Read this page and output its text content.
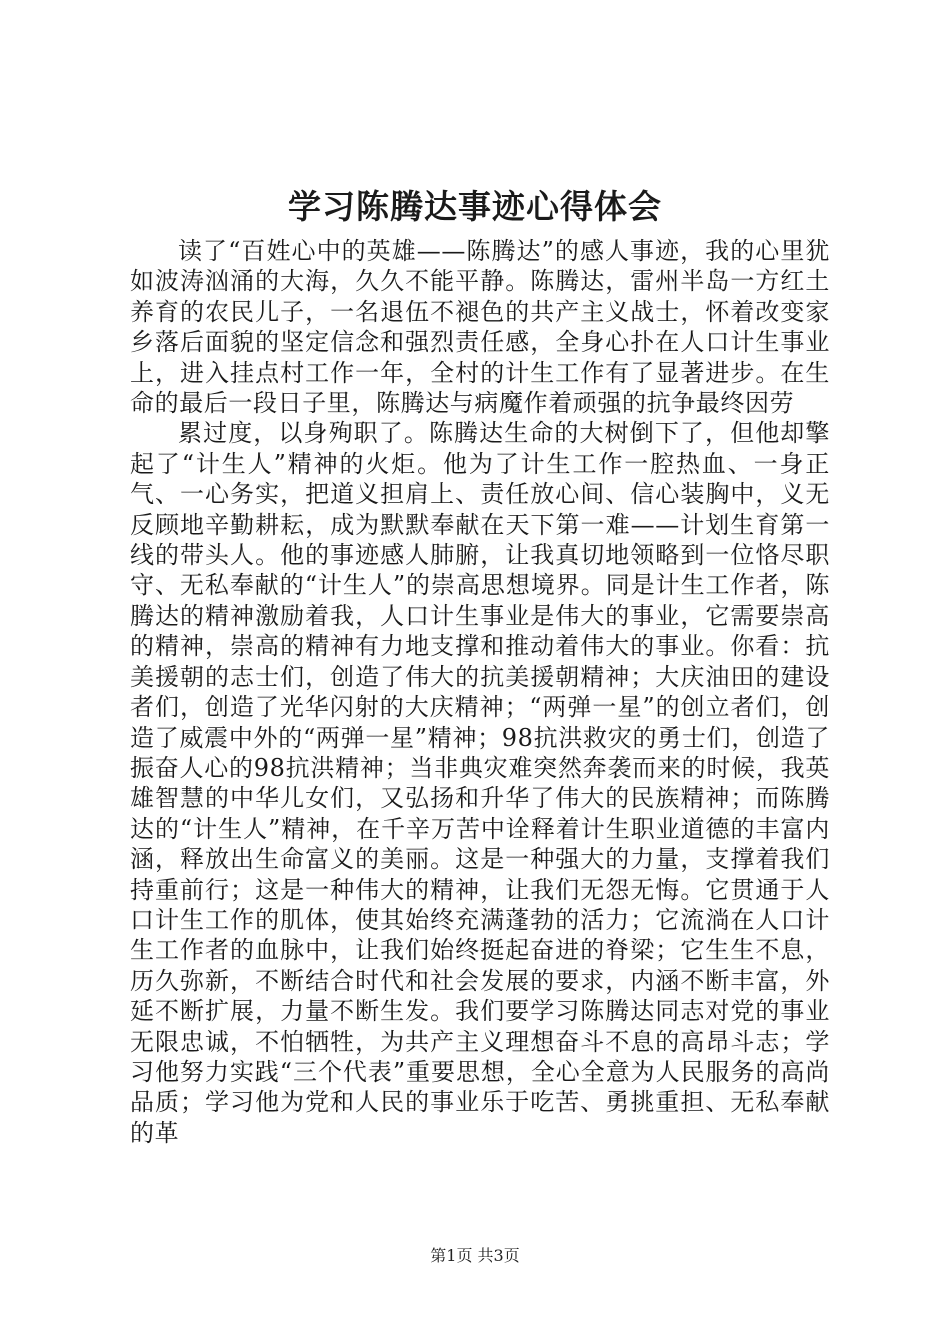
学习陈腾达事迹心得体会

读了“百姓心中的英雄——陈腾达”的感人事迹，我的心里犹如波涛汹涌的大海，久久不能平静。陈腾达，雷州半岛一方红土养育的农民儿子，一名退伍不褪色的共产主义战士，怀着改变家乡落后面貌的坚定信念和强烈责任感，全身心扑在人口计生事业上，进入挂点村工作一年，全村的计生工作有了显著进步。在生命的最后一段日子里，陈腾达与病魔作着顽强的抗争最终因劳

累过度，以身殉职了。陈腾达生命的大树倒下了，但他却擎起了“计生人”精神的火炬。他为了计生工作一腔热血、一身正气、一心务实，把道义担肩上、责任放心间、信心装胸中，义无反顾地辛勤耕耘，成为默默奉献在天下第一难——计划生育第一线的带头人。他的事迹感人肺腑，让我真切地领略到一位恪尽职守、无私奉献的“计生人”的崇高思想境界。同是计生工作者，陈腾达的精神激励着我，人口计生事业是伟大的事业，它需要崇高的精神，崇高的精神有力地支撑和推动着伟大的事业。你看：抗美援朝的志士们，创造了伟大的抗美援朝精神；大庆油田的建设者们，创造了光华闪射的大庆精神；“两弹一星”的创立者们，创造了威震中外的“两弹一星”精神；98抗洪救灾的勇士们，创造了振奋人心的98抗洪精神；当非典灾难突然奔袭而来的时候，我英雄智慧的中华儿女们，又弘扬和升华了伟大的民族精神；而陈腾达的“计生人”精神，在千辛万苦中诠释着计生职业道德的丰富内涵，释放出生命富义的美丽。这是一种强大的力量，支撑着我们持重前行；这是一种伟大的精神，让我们无怨无悔。它贯通于人口计生工作的肌体，使其始终充满蓬勃的活力；它流淌在人口计生工作者的血脉中，让我们始终挺起奋进的脊梁；它生生不息，历久弥新，不断结合时代和社会发展的要求，内涵不断丰富，外延不断扩展，力量不断生发。我们要学习陈腾达同志对党的事业无限忠诚，不怕牺牲，为共产主义理想奋斗不息的高昂斗志；学习他努力实践“三个代表”重要思想，全心全意为人民服务的高尚品质；学习他为党和人民的事业乐于吃苦、勇挑重担、无私奉献的革

第1页 共3页
